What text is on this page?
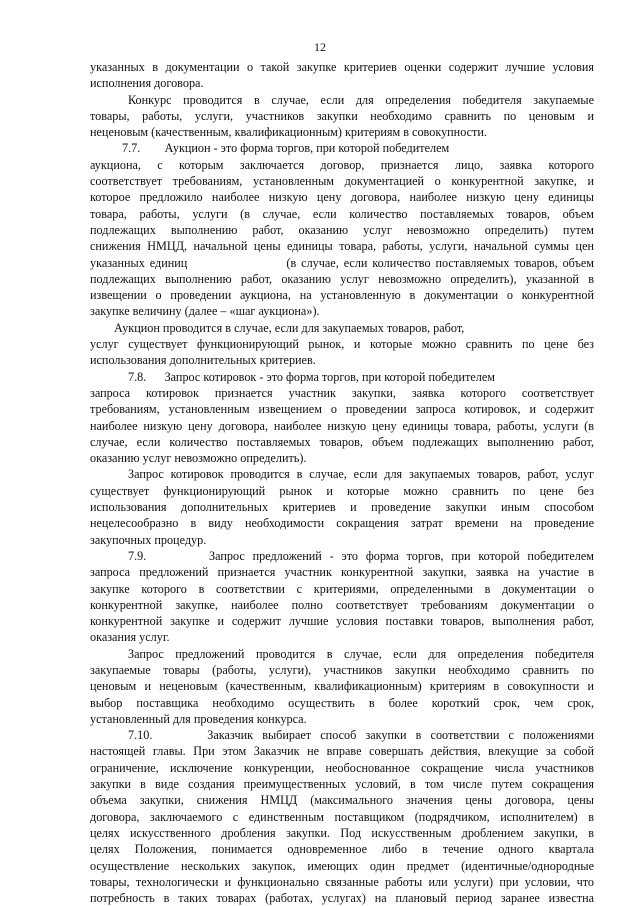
12
указанных в документации о такой закупке критериев оценки содержит лучшие условия
исполнения договора.
Конкурс проводится в случае, если для определения победителя закупаемые
товары, работы, услуги, участников закупки необходимо сравнить по ценовым и
неценовым (качественным, квалификационным) критериям в совокупности.
7.7.        Аукцион - это форма торгов, при которой победителем
аукциона, с которым заключается договор, признается лицо, заявка которого
соответствует требованиям, установленным документацией о конкурентной закупке, и
которое предложило наиболее низкую цену договора, наиболее низкую цену единицы
товара, работы, услуги (в случае, если количество поставляемых товаров, объем
подлежащих выполнению работ, оказанию услуг невозможно определить) путем
снижения НМЦД, начальной цены единицы товара, работы, услуги, начальной суммы цен
указанных единиц                    (в случае, если количество поставляемых товаров, объем
подлежащих выполнению работ, оказанию услуг невозможно определить), указанной в
извещении о проведении аукциона, на установленную в документации о конкурентной
закупке величину (далее – «шаг аукциона»).
Аукцион проводится в случае, если для закупаемых товаров, работ,
услуг существует функционирующий рынок, и которые можно сравнить по цене без
использования дополнительных критериев.
7.8.      Запрос котировок - это форма торгов, при которой победителем
запроса котировок признается участник закупки, заявка которого соответствует
требованиям, установленным извещением о проведении запроса котировок, и содержит
наиболее низкую цену договора, наиболее низкую цену единицы товара, работы, услуги (в
случае, если количество поставляемых товаров, объем подлежащих выполнению работ,
оказанию услуг невозможно определить).
Запрос котировок проводится в случае, если для закупаемых товаров, работ, услуг
существует функционирующий рынок и которые можно сравнить по цене без
использования дополнительных критериев и проведение закупки иным способом
нецелесообразно в виду необходимости сокращения затрат времени на проведение
закупочных процедур.
7.9.        Запрос предложений - это форма торгов, при которой победителем
запроса предложений признается участник конкурентной закупки, заявка на участие в
закупке которого в соответствии с критериями, определенными в документации о
конкурентной закупке, наиболее полно соответствует требованиям документации о
конкурентной закупке и содержит лучшие условия поставки товаров, выполнения работ,
оказания услуг.
Запрос предложений проводится в случае, если для определения победителя
закупаемые товары (работы, услуги), участников закупки необходимо сравнить по
ценовым и неценовым (качественным, квалификационным) критериям в совокупности и
выбор поставщика необходимо осуществить в более короткий срок, чем срок,
установленный для проведения конкурса.
7.10.      Заказчик выбирает способ закупки в соответствии с положениями
настоящей главы. При этом Заказчик не вправе совершать действия, влекущие за собой
ограничение, исключение конкуренции, необоснованное сокращение числа участников
закупки в виде создания преимущественных условий, в том числе путем сокращения
объема закупки, снижения НМЦД (максимального значения цены договора, цены
договора, заключаемого с единственным поставщиком (подрядчиком, исполнителем) в
целях искусственного дробления закупки. Под искусственным дроблением закупки, в
целях Положения, понимается одновременное либо в течение одного квартала
осуществление нескольких закупок, имеющих один предмет (идентичные/однородные
товары, технологически и функционально связанные работы или услуги) при условии, что
потребность в таких товарах (работах, услугах) на плановый период заранее известна
